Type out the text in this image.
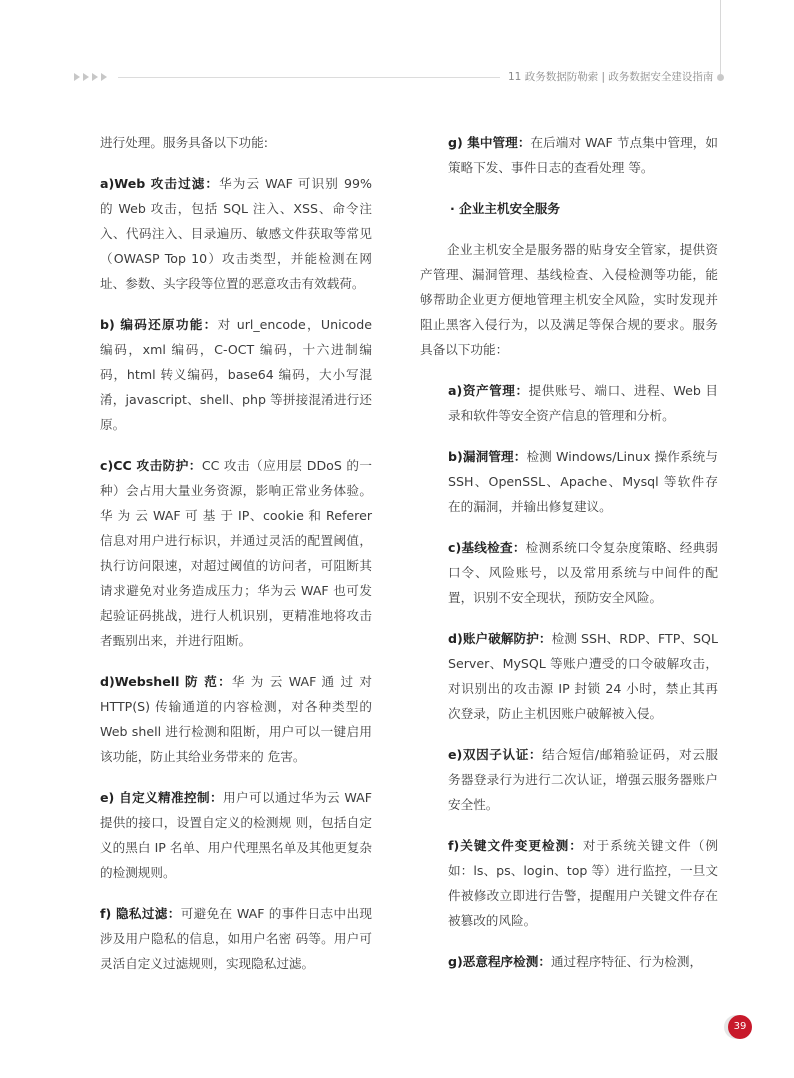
11 政务数据防勒索 | 政务数据安全建设指南

进行处理。服务具备以下功能:

a)Web 攻击过滤：华为云 WAF 可识别 99% 的 Web 攻击，包括 SQL 注入、XSS、命令注入、代码注入、目录遍历、敏感文件获取等常见（OWASP Top 10）攻击类型，并能检测在网址、参数、头字段等位置的恶意攻击有效载荷。

b) 编码还原功能：对 url_encode，Unicode 编码，xml 编码，C-OCT 编码，十六进制编码，html 转义编码，base64 编码，大小写混淆，javascript、shell、php 等拼接混淆进行还原。

c)CC 攻击防护：CC 攻击（应用层 DDoS 的一种）会占用大量业务资源，影响正常业务体验。华 为 云 WAF 可 基 于 IP、cookie 和 Referer 信息对用户进行标识，并通过灵活的配置阈值，执行访问限速，对超过阈值的访问者，可阻断其请求避免对业务造成压力；华为云 WAF 也可发起验证码挑战，进行人机识别，更精准地将攻击者甄别出来，并进行阻断。

d)Webshell 防 范：华 为 云 WAF 通 过 对 HTTP(S) 传输通道的内容检测，对各种类型的 Web shell 进行检测和阻断，用户可以一键启用该功能，防止其给业务带来的 危害。

e) 自定义精准控制：用户可以通过华为云 WAF 提供的接口，设置自定义的检测规 则，包括自定义的黑白 IP 名单、用户代理黑名单及其他更复杂的检测规则。

f) 隐私过滤：可避免在 WAF 的事件日志中出现涉及用户隐私的信息，如用户名密 码等。用户可灵活自定义过滤规则，实现隐私过滤。

g) 集中管理：在后端对 WAF 节点集中管理，如策略下发、事件日志的查看处理 等。

· 企业主机安全服务

企业主机安全是服务器的贴身安全管家，提供资产管理、漏洞管理、基线检查、入侵检测等功能，能够帮助企业更方便地管理主机安全风险，实时发现并阻止黑客入侵行为，以及满足等保合规的要求。服务具备以下功能：

a)资产管理：提供账号、端口、进程、Web 目录和软件等安全资产信息的管理和分析。

b)漏洞管理：检测 Windows/Linux 操作系统与 SSH、OpenSSL、Apache、Mysql 等软件存在的漏洞，并输出修复建议。

c)基线检查：检测系统口令复杂度策略、经典弱口令、风险账号，以及常用系统与中间件的配置，识别不安全现状，预防安全风险。

d)账户破解防护：检测 SSH、RDP、FTP、SQL Server、MySQL 等账户遭受的口令破解攻击，对识别出的攻击源 IP 封锁 24 小时，禁止其再次登录，防止主机因账户破解被入侵。

e)双因子认证：结合短信/邮箱验证码，对云服务器登录行为进行二次认证，增强云服务器账户安全性。

f)关键文件变更检测：对于系统关键文件（例如：ls、ps、login、top 等）进行监控，一旦文件被修改立即进行告警，提醒用户关键文件存在被篡改的风险。

g)恶意程序检测：通过程序特征、行为检测，

39
